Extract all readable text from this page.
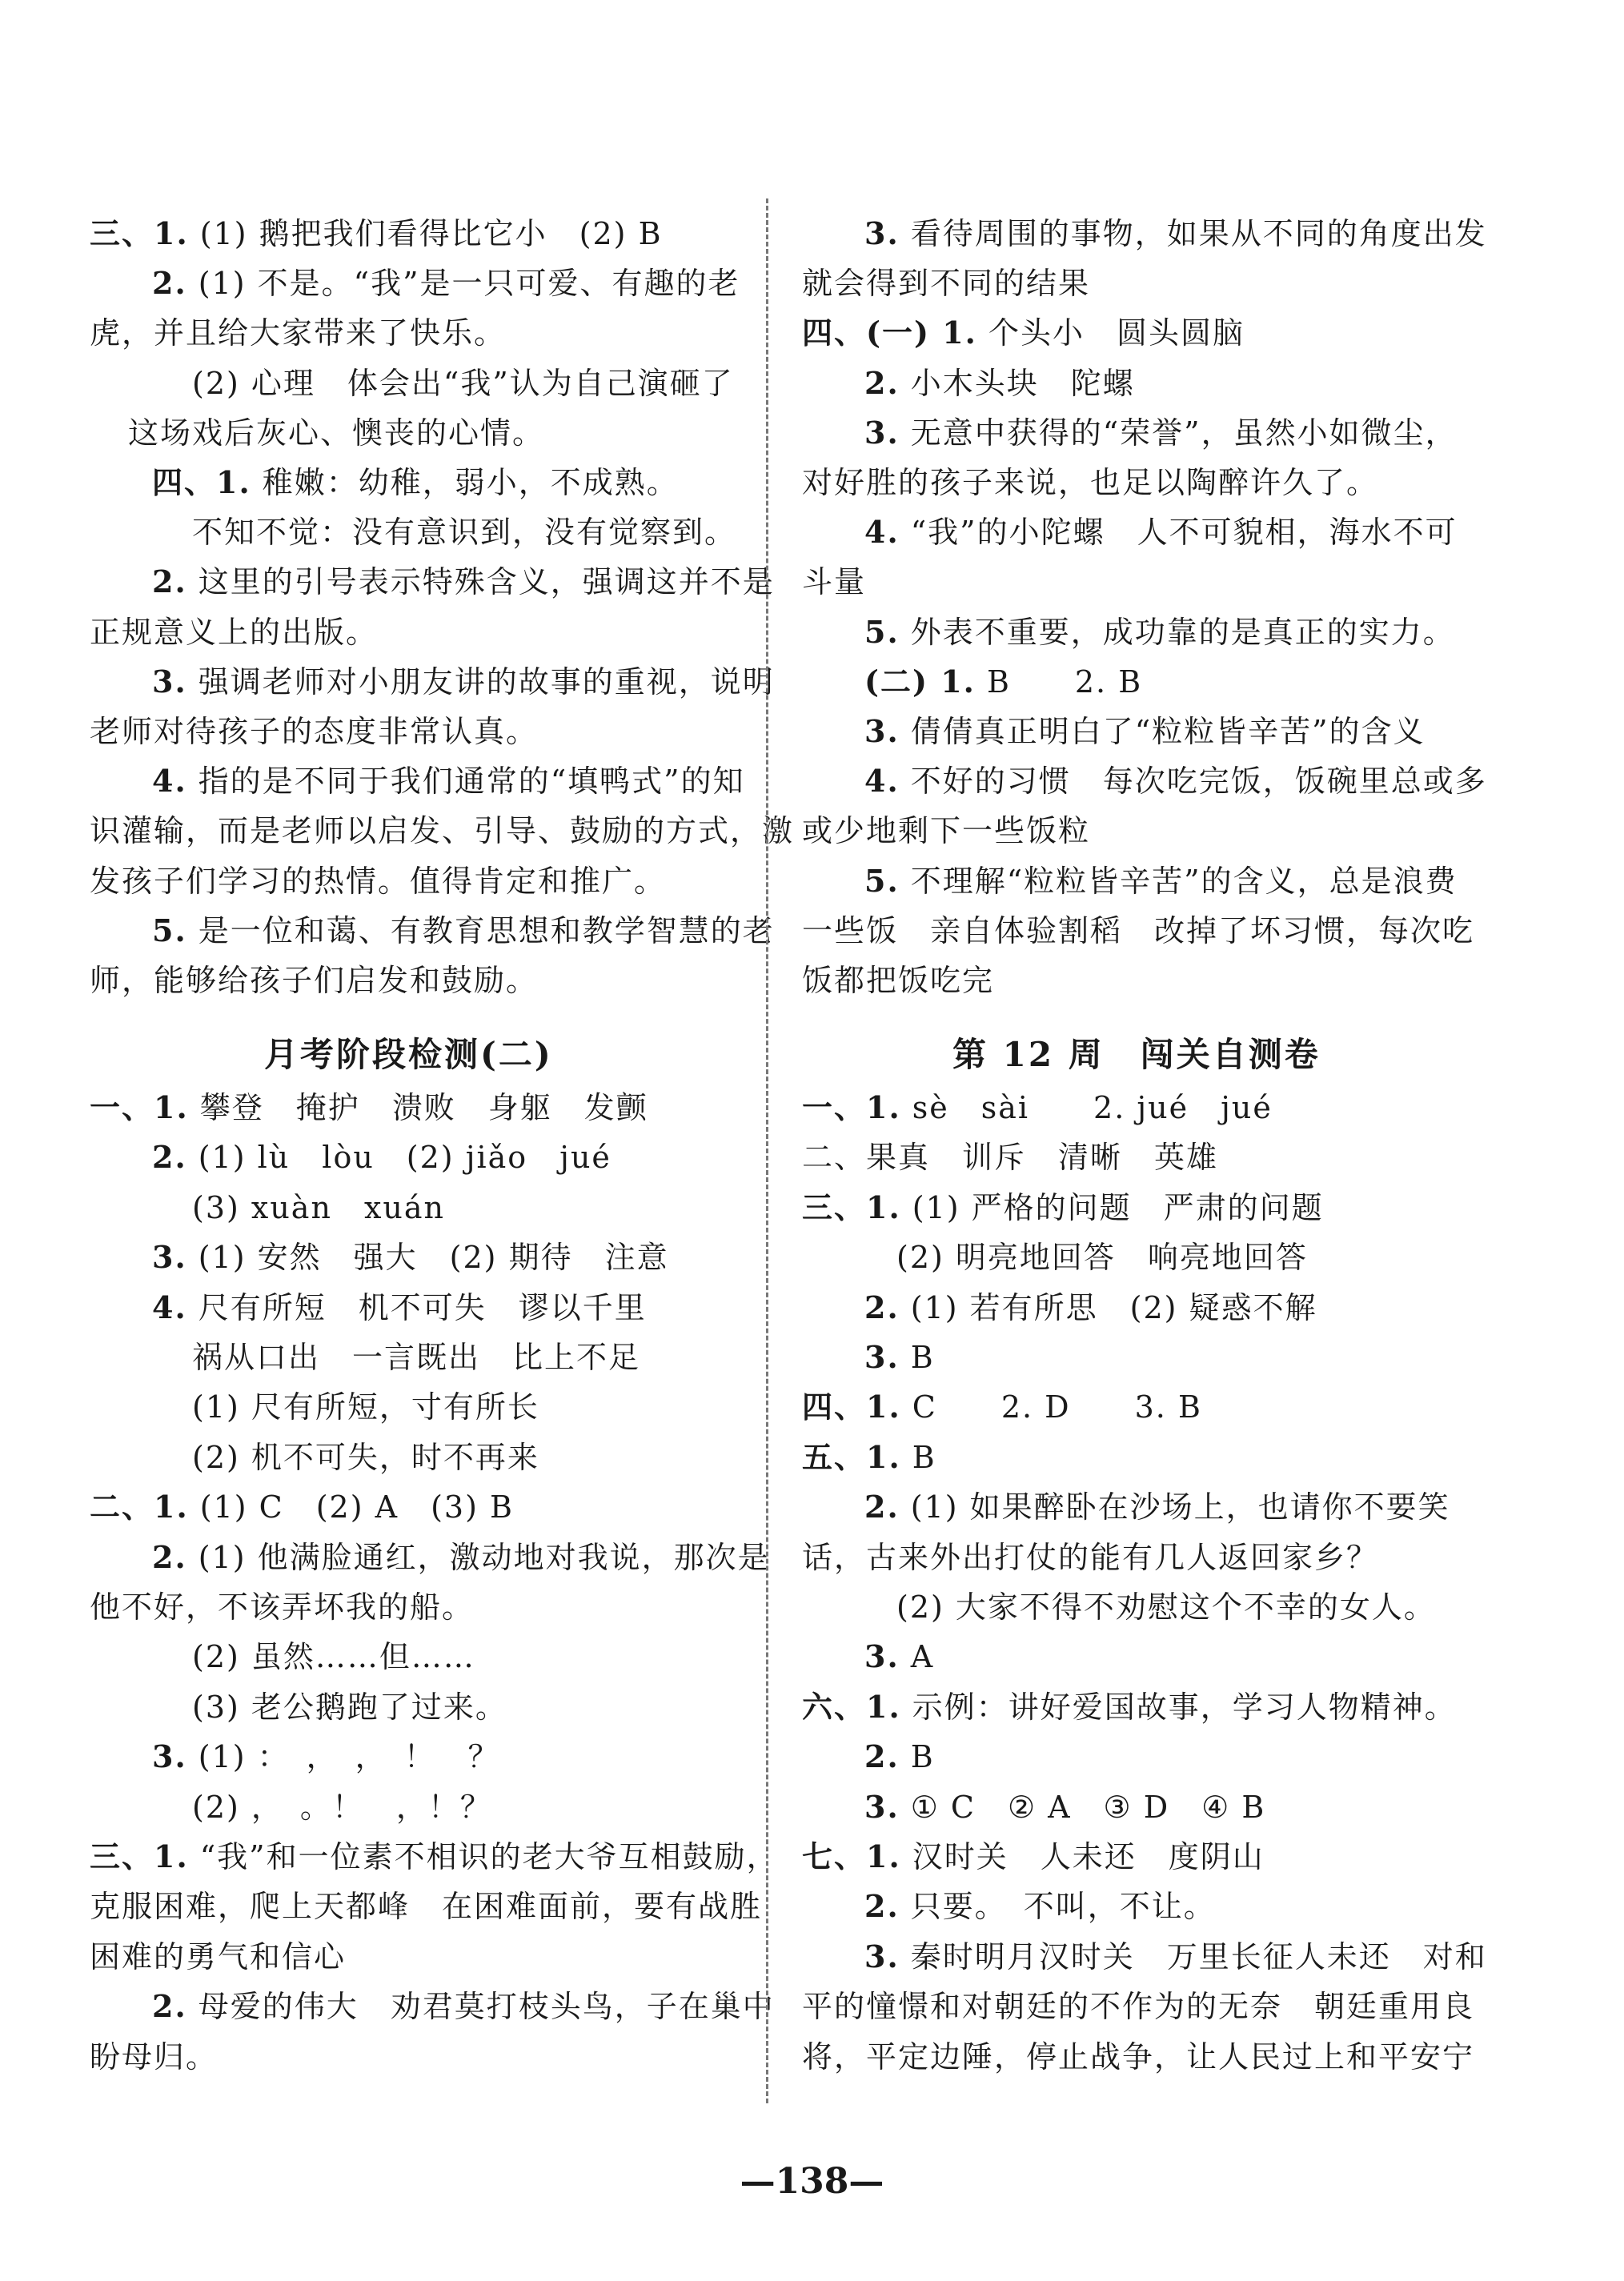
三、1. (1) 鹅把我们看得比它小　(2) B
2. (1) 不是。“我”是一只可爱、有趣的老
虎，并且给大家带来了快乐。
(2) 心理　体会出“我”认为自己演砸了
这场戏后灰心、懊丧的心情。
四、1. 稚嫩：幼稚，弱小，不成熟。
不知不觉：没有意识到，没有觉察到。
2. 这里的引号表示特殊含义，强调这并不是
正规意义上的出版。
3. 强调老师对小朋友讲的故事的重视，说明
老师对待孩子的态度非常认真。
4. 指的是不同于我们通常的“填鸭式”的知
识灌输，而是老师以启发、引导、鼓励的方式，激
发孩子们学习的热情。值得肯定和推广。
5. 是一位和蔼、有教育思想和教学智慧的老
师，能够给孩子们启发和鼓励。
月考阶段检测(二)
一、1. 攀登　掩护　溃败　身躯　发颤
2. (1) lù　lòu　(2) jiǎo　jué
(3) xuàn　xuán
3. (1) 安然　强大　(2) 期待　注意
4. 尺有所短　机不可失　谬以千里
祸从口出　一言既出　比上不足
(1) 尺有所短，寸有所长
(2) 机不可失，时不再来
二、1. (1) C　(2) A　(3) B
2. (1) 他满脸通红，激动地对我说，那次是
他不好，不该弄坏我的船。
(2) 虽然……但……
(3) 老公鹅跑了过来。
3. (1) ：　，　，　！　？
(2) ，　。！　，！？
三、1. “我”和一位素不相识的老大爷互相鼓励，
克服困难，爬上天都峰　在困难面前，要有战胜
困难的勇气和信心
2. 母爱的伟大　劝君莫打枝头鸟，子在巢中
盼母归。
3. 看待周围的事物，如果从不同的角度出发
就会得到不同的结果
四、(一) 1. 个头小　圆头圆脑
2. 小木头块　陀螺
3. 无意中获得的“荣誉”，虽然小如微尘，
对好胜的孩子来说，也足以陶醉许久了。
4. “我”的小陀螺　人不可貌相，海水不可
斗量
5. 外表不重要，成功靠的是真正的实力。
(二) 1. B　　2. B
3. 倩倩真正明白了“粒粒皆辛苦”的含义
4. 不好的习惯　每次吃完饭，饭碗里总或多
或少地剩下一些饭粒
5. 不理解“粒粒皆辛苦”的含义，总是浪费
一些饭　亲自体验割稻　改掉了坏习惯，每次吃
饭都把饭吃完
第 12 周　闯关自测卷
一、1. sè　sài　　2. jué　jué
二、果真　训斥　清晰　英雄
三、1. (1) 严格的问题　严肃的问题
(2) 明亮地回答　响亮地回答
2. (1) 若有所思　(2) 疑惑不解
3. B
四、1. C　　2. D　　3. B
五、1. B
2. (1) 如果醉卧在沙场上，也请你不要笑
话，古来外出打仗的能有几人返回家乡？
(2) 大家不得不劝慰这个不幸的女人。
3. A
六、1. 示例：讲好爱国故事，学习人物精神。
2. B
3. ① C　② A　③ D　④ B
七、1. 汉时关　人未还　度阴山
2. 只要。　不叫，不让。
3. 秦时明月汉时关　万里长征人未还　对和
平的憧憬和对朝廷的不作为的无奈　朝廷重用良
将，平定边陲，停止战争，让人民过上和平安宁
—138—
